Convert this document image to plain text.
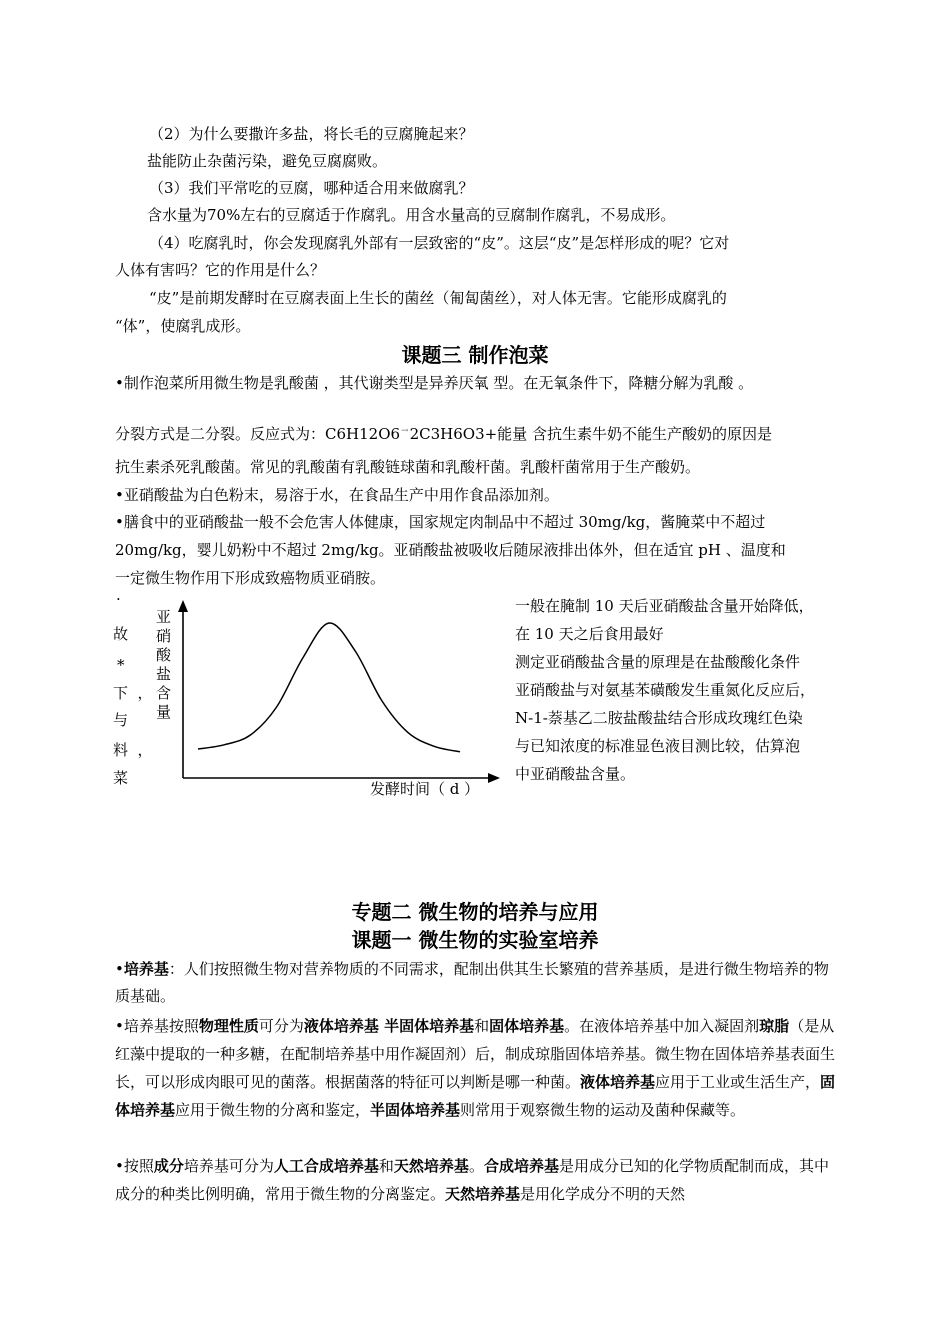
（2）为什么要撒许多盐，将长毛的豆腐腌起来？

盐能防止杂菌污染，避免豆腐腐败。

（3）我们平常吃的豆腐，哪种适合用来做腐乳？

含水量为70%左右的豆腐适于作腐乳。用含水量高的豆腐制作腐乳，不易成形。

（4）吃腐乳时，你会发现腐乳外部有一层致密的“皮”。这层“皮”是怎样形成的呢？它对

人体有害吗？它的作用是什么？

“皮”是前期发酵时在豆腐表面上生长的菌丝（匍匐菌丝），对人体无害。它能形成腐乳的

“体”，使腐乳成形。

课题三 制作泡菜

•制作泡菜所用微生物是乳酸菌 ，其代谢类型是异养厌氧 型。在无氧条件下，降糖分解为乳酸 。

分裂方式是二分裂。反应式为：C6H12O6→2C3H6O3+能量 含抗生素牛奶不能生产酸奶的原因是

抗生素杀死乳酸菌。常见的乳酸菌有乳酸链球菌和乳酸杆菌。乳酸杆菌常用于生产酸奶。

•亚硝酸盐为白色粉末，易溶于水，在食品生产中用作食品添加剂。

•膳食中的亚硝酸盐一般不会危害人体健康，国家规定肉制品中不超过 30mg/kg，酱腌菜中不超过

20mg/kg，婴儿奶粉中不超过 2mg/kg。亚硝酸盐被吸收后随尿液排出体外，但在适宜 pH 、温度和

一定微生物作用下形成致癌物质亚硝胺。

·
故
*
下  ，
与
料  ，
菜
亚
硝
酸
盐
含
量
发酵时间（ d ）
一般在腌制 10 天后亚硝酸盐含量开始降低，
在 10 天之后食用最好
测定亚硝酸盐含量的原理是在盐酸酸化条件
亚硝酸盐与对氨基苯磺酸发生重氮化反应后，
N-1-萘基乙二胺盐酸盐结合形成玫瑰红色染
与已知浓度的标准显色液目测比较，估算泡
中亚硝酸盐含量。
专题二 微生物的培养与应用
课题一 微生物的实验室培养

•培养基：人们按照微生物对营养物质的不同需求，配制出供其生长繁殖的营养基质，是进行微生物培养的物质基础。

•培养基按照物理性质可分为液体培养基 半固体培养基和固体培养基。在液体培养基中加入凝固剂琼脂（是从红藻中提取的一种多糖，在配制培养基中用作凝固剂）后，制成琼脂固体培养基。微生物在固体培养基表面生长，可以形成肉眼可见的菌落。根据菌落的特征可以判断是哪一种菌。液体培养基应用于工业或生活生产，固体培养基应用于微生物的分离和鉴定，半固体培养基则常用于观察微生物的运动及菌种保藏等。

•按照成分培养基可分为人工合成培养基和天然培养基。合成培养基是用成分已知的化学物质配制而成，其中成分的种类比例明确，常用于微生物的分离鉴定。天然培养基是用化学成分不明的天然
